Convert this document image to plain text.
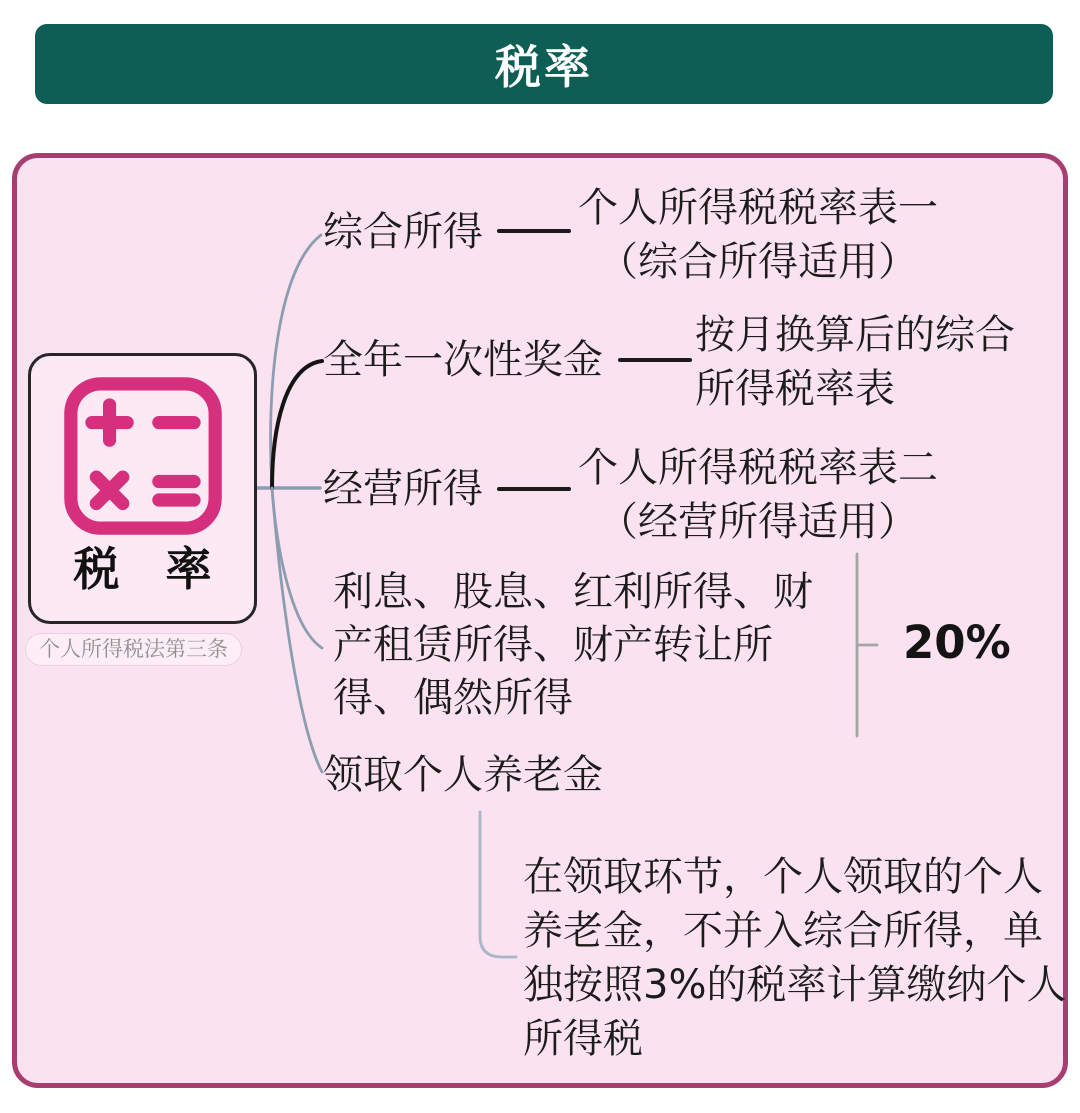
税率
税 率
个人所得税法第三条
综合所得
个人所得税税率表一
（综合所得适用）
全年一次性奖金
按月换算后的综合
所得税率表
经营所得 个人所得税税率表二
（经营所得适用）
利息、股息、红利所得、财
产租赁所得、财产转让所
得、偶然所得
20%
领取个人养老金
在领取环节，个人领取的个人
养老金，不并入综合所得，单
独按照3%的税率计算缴纳个人
所得税
